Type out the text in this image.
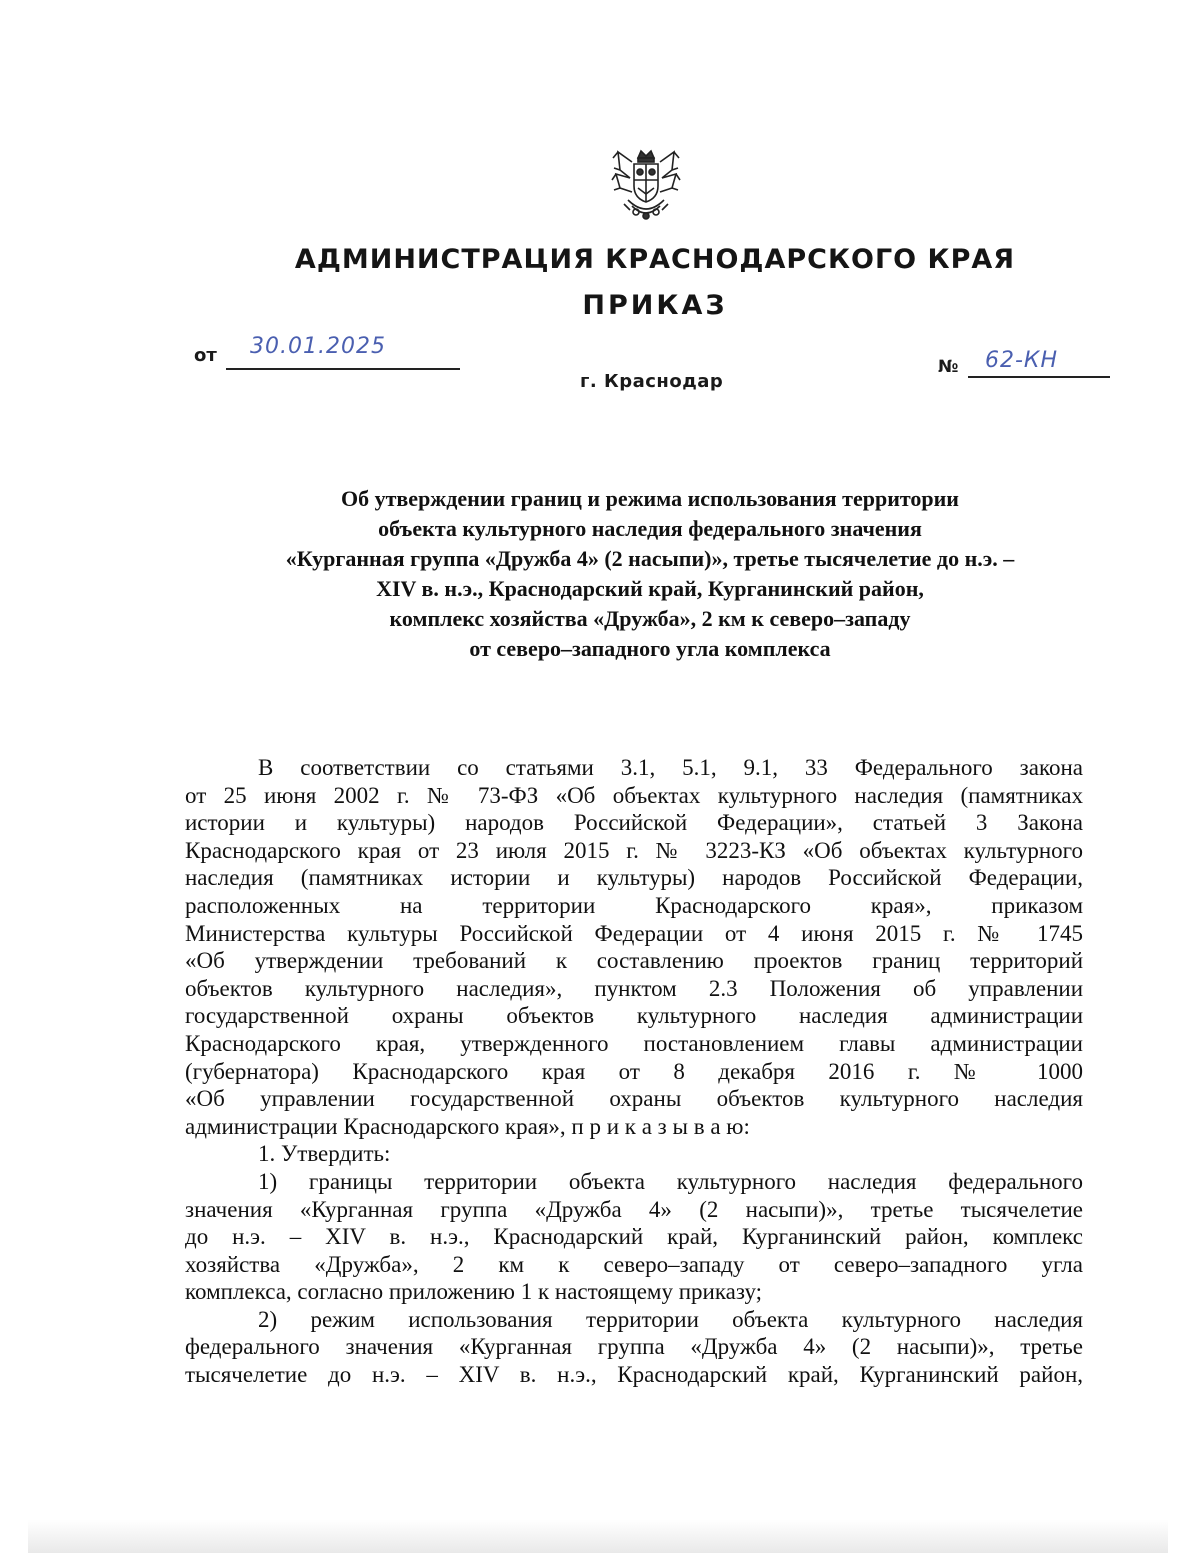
АДМИНИСТРАЦИЯ КРАСНОДАРСКОГО КРАЯ
ПРИКАЗ
от 30.01.2025
г. Краснодар
№ 62-КН
Об утверждении границ и режима использования территории
объекта культурного наследия федерального значения
«Курганная группа «Дружба 4» (2 насыпи)», третье тысячелетие до н.э. –
XIV в. н.э., Краснодарский край, Курганинский район,
комплекс хозяйства «Дружба», 2 км к северо–западу
от северо–западного угла комплекса
В соответствии со статьями 3.1, 5.1, 9.1, 33 Федерального закона
от 25 июня 2002 г. № 73-ФЗ «Об объектах культурного наследия (памятниках
истории и культуры) народов Российской Федерации», статьей 3 Закона
Краснодарского края от 23 июля 2015 г. № 3223-КЗ «Об объектах культурного
наследия (памятниках истории и культуры) народов Российской Федерации,
расположенных на территории Краснодарского края», приказом
Министерства культуры Российской Федерации от 4 июня 2015 г. № 1745
«Об утверждении требований к составлению проектов границ территорий
объектов культурного наследия», пунктом 2.3 Положения об управлении
государственной охраны объектов культурного наследия администрации
Краснодарского края, утвержденного постановлением главы администрации
(губернатора) Краснодарского края от 8 декабря 2016 г. № 1000
«Об управлении государственной охраны объектов культурного наследия
администрации Краснодарского края», п р и к а з ы в а ю:
1. Утвердить:
1) границы территории объекта культурного наследия федерального
значения «Курганная группа «Дружба 4» (2 насыпи)», третье тысячелетие
до н.э. – XIV в. н.э., Краснодарский край, Курганинский район, комплекс
хозяйства «Дружба», 2 км к северо–западу от северо–западного угла
комплекса, согласно приложению 1 к настоящему приказу;
2) режим использования территории объекта культурного наследия
федерального значения «Курганная группа «Дружба 4» (2 насыпи)», третье
тысячелетие до н.э. – XIV в. н.э., Краснодарский край, Курганинский район,
